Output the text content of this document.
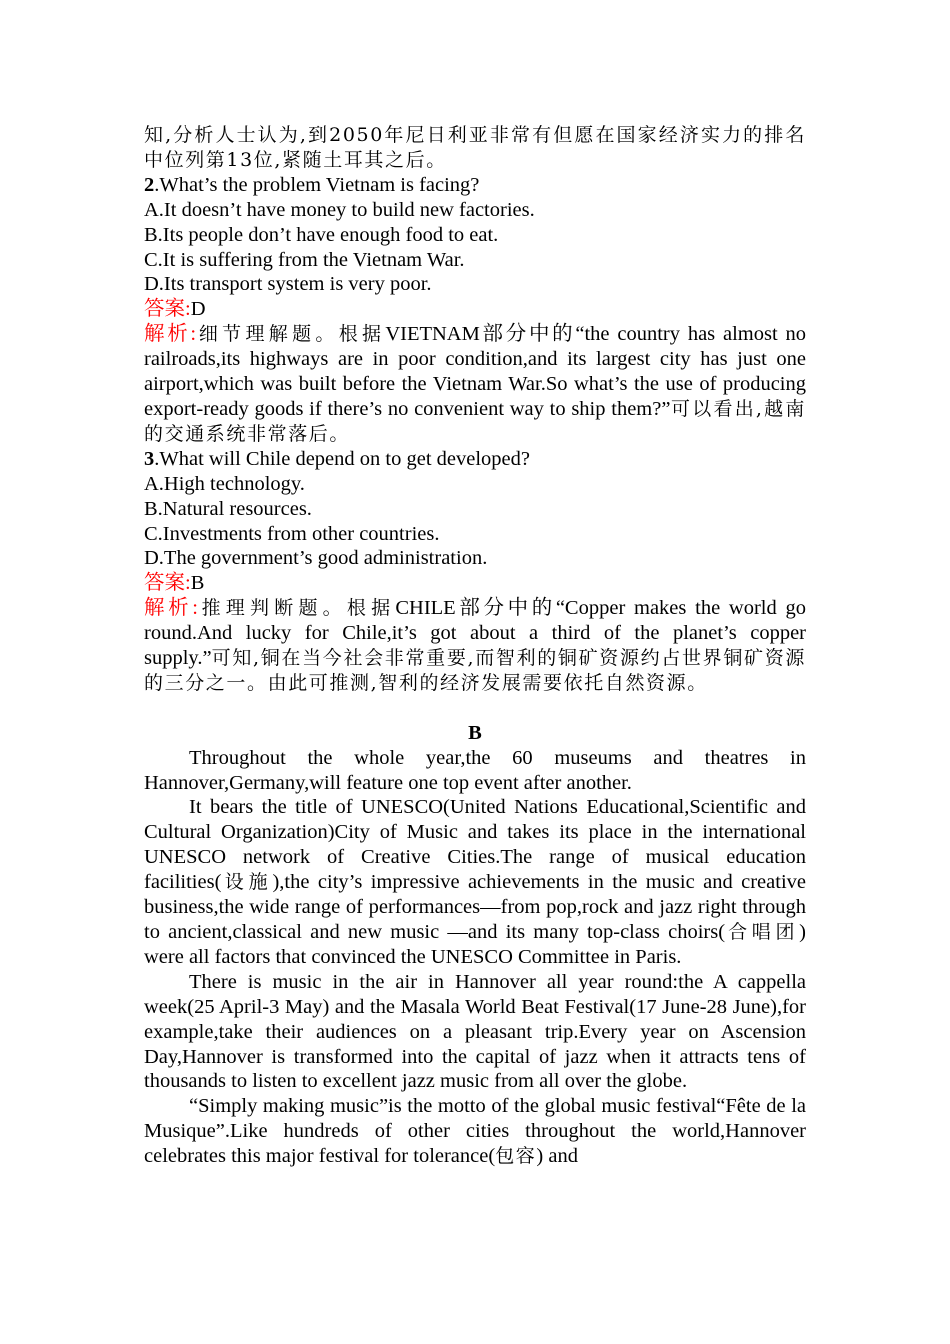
知,分析人士认为,到2050年尼日利亚非常有但愿在国家经济实力的排名中位列第13位,紧随土耳其之后。

2.What’s the problem Vietnam is facing?

A.It doesn’t have money to build new factories.

B.Its people don’t have enough food to eat.

C.It is suffering from the Vietnam War.

D.Its transport system is very poor.

答案:D

解析:细节理解题。根据VIETNAM部分中的“the country has almost no railroads,its highways are in poor condition,and its largest city has just one airport,which was built before the Vietnam War.So what’s the use of producing export-ready goods if there’s no convenient way to ship them?”可以看出,越南的交通系统非常落后。

3.What will Chile depend on to get developed?

A.High technology.

B.Natural resources.

C.Investments from other countries.

D.The government’s good administration.

答案:B

解析:推理判断题。根据CHILE部分中的“Copper makes the world go round.And lucky for Chile,it’s got about a third of the planet’s copper supply.”可知,铜在当今社会非常重要,而智利的铜矿资源约占世界铜矿资源的三分之一。由此可推测,智利的经济发展需要依托自然资源。

B

Throughout the whole year,the 60 museums and theatres in Hannover,Germany,will feature one top event after another.

It bears the title of UNESCO(United Nations Educational,Scientific and Cultural Organization)City of Music and takes its place in the international UNESCO network of Creative Cities.The range of musical education facilities(设施),the city’s impressive achievements in the music and creative business,the wide range of performances—from pop,rock and jazz right through to ancient,classical and new music —and its many top-class choirs(合唱团) were all factors that convinced the UNESCO Committee in Paris.

There is music in the air in Hannover all year round:the A cappella week(25 April-3 May) and the Masala World Beat Festival(17 June-28 June),for example,take their audiences on a pleasant trip.Every year on Ascension Day,Hannover is transformed into the capital of jazz when it attracts tens of thousands to listen to excellent jazz music from all over the globe.

“Simply making music”is the motto of the global music festival“Fête de la Musique”.Like hundreds of other cities throughout the world,Hannover celebrates this major festival for tolerance(包容) and
